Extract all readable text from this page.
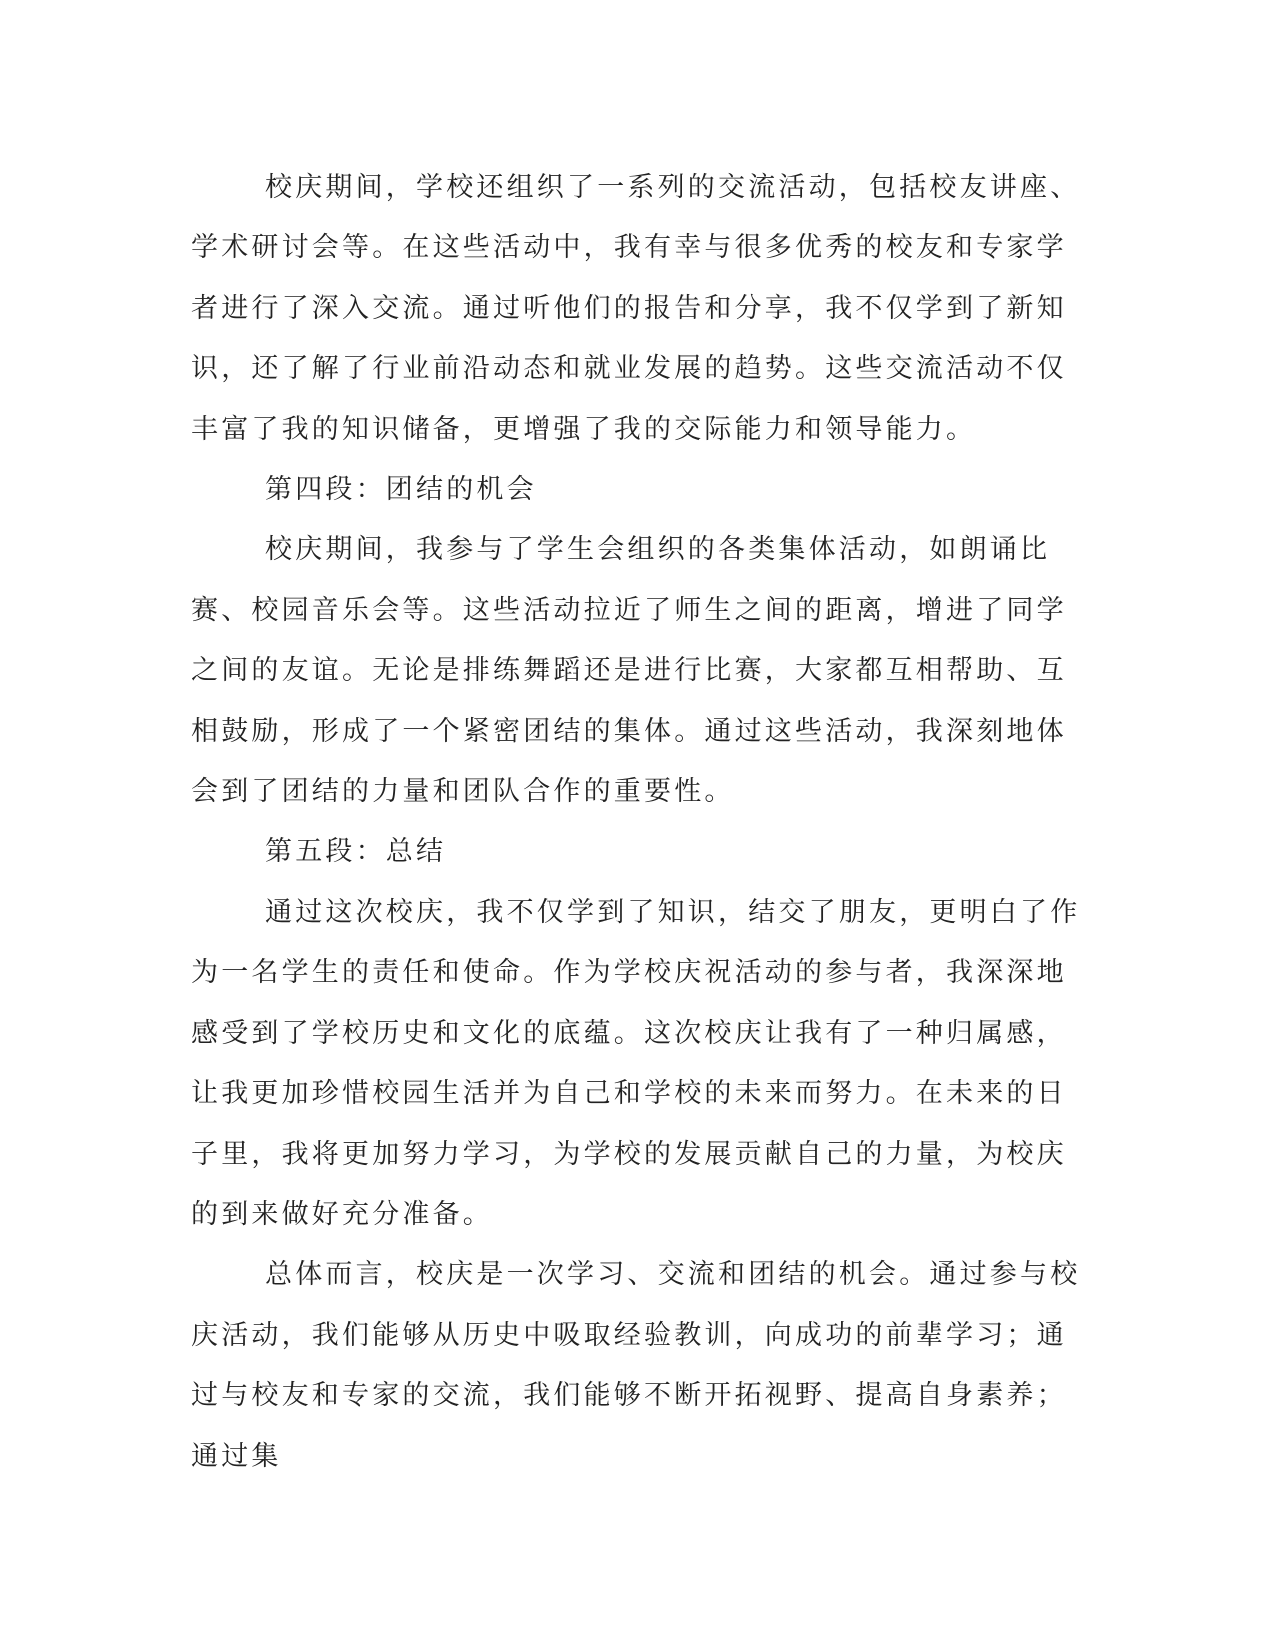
校庆期间，学校还组织了一系列的交流活动，包括校友讲座、学术研讨会等。在这些活动中，我有幸与很多优秀的校友和专家学者进行了深入交流。通过听他们的报告和分享，我不仅学到了新知识，还了解了行业前沿动态和就业发展的趋势。这些交流活动不仅丰富了我的知识储备，更增强了我的交际能力和领导能力。

第四段：团结的机会

校庆期间，我参与了学生会组织的各类集体活动，如朗诵比赛、校园音乐会等。这些活动拉近了师生之间的距离，增进了同学之间的友谊。无论是排练舞蹈还是进行比赛，大家都互相帮助、互相鼓励，形成了一个紧密团结的集体。通过这些活动，我深刻地体会到了团结的力量和团队合作的重要性。

第五段：总结

通过这次校庆，我不仅学到了知识，结交了朋友，更明白了作为一名学生的责任和使命。作为学校庆祝活动的参与者，我深深地感受到了学校历史和文化的底蕴。这次校庆让我有了一种归属感，让我更加珍惜校园生活并为自己和学校的未来而努力。在未来的日子里，我将更加努力学习，为学校的发展贡献自己的力量，为校庆的到来做好充分准备。

总体而言，校庆是一次学习、交流和团结的机会。通过参与校庆活动，我们能够从历史中吸取经验教训，向成功的前辈学习；通过与校友和专家的交流，我们能够不断开拓视野、提高自身素养；通过集
